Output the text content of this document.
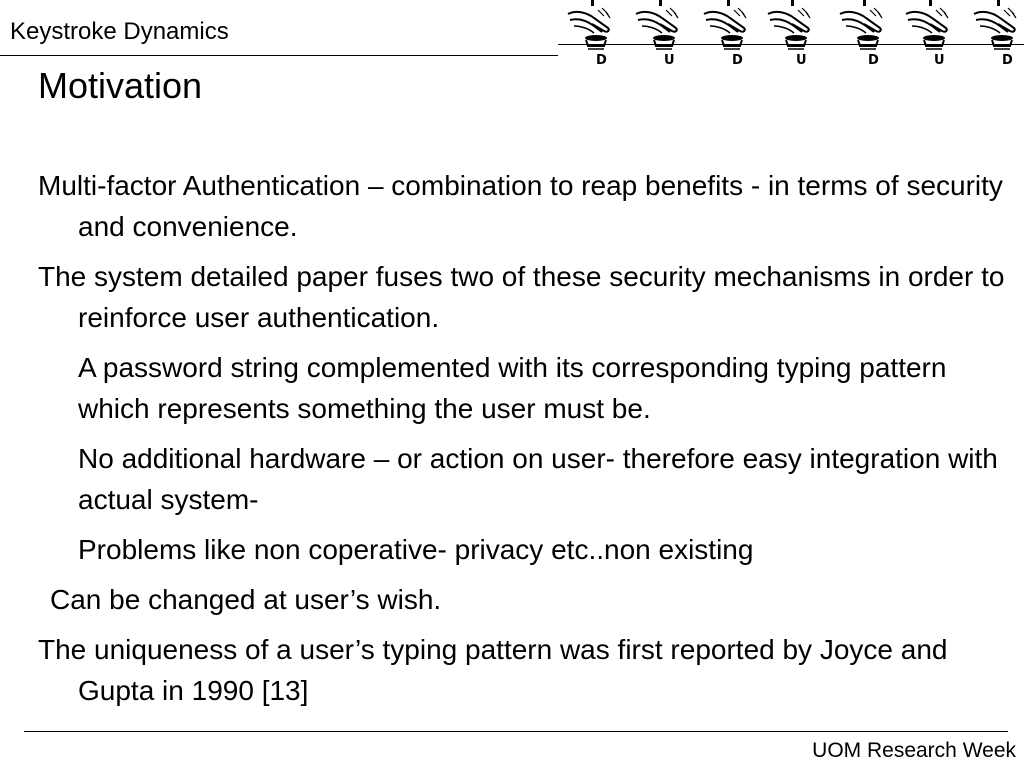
Keystroke Dynamics
D	U	D	U	D	U	D
Motivation

Multi-factor Authentication – combination to reap benefits - in terms of security and convenience.

The system detailed paper fuses two of these security mechanisms in order to reinforce user authentication.

A password string complemented with its corresponding typing pattern which represents something the user must be.

No additional hardware – or action on user- therefore easy integration with actual system-

Problems like non coperative- privacy etc..non existing

Can be changed at user’s wish.

The uniqueness of a user’s typing pattern was first reported by Joyce and Gupta in 1990 [13]

UOM Research Week
